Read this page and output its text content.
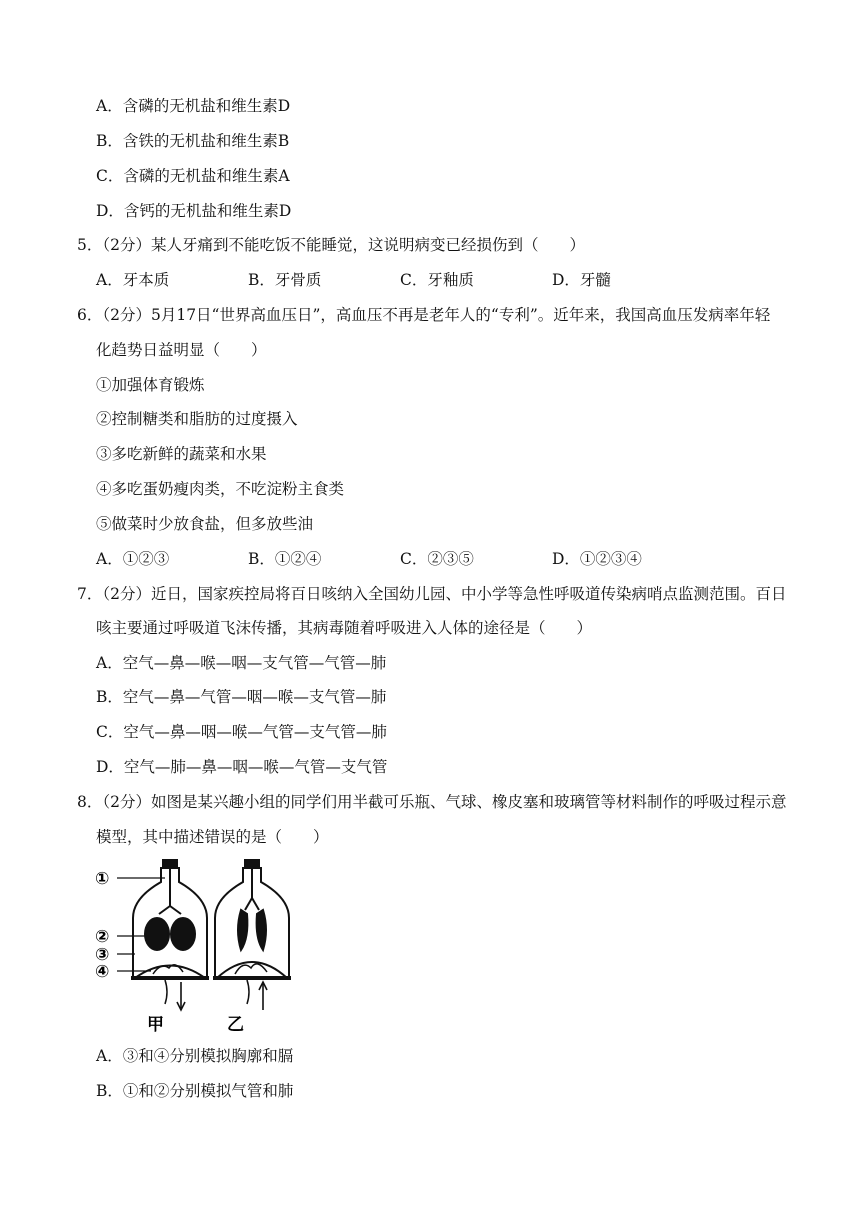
A．含磷的无机盐和维生素D
B．含铁的无机盐和维生素B
C．含磷的无机盐和维生素A
D．含钙的无机盐和维生素D
5．（2分）某人牙痛到不能吃饭不能睡觉，这说明病变已经损伤到（　　）
A．牙本质	B．牙骨质	C．牙釉质	D．牙髓
6．（2分）5月17日“世界高血压日”，高血压不再是老年人的“专利”。近年来，我国高血压发病率年轻
化趋势日益明显（　　）
①加强体育锻炼
②控制糖类和脂肪的过度摄入
③多吃新鲜的蔬菜和水果
④多吃蛋奶瘦肉类，不吃淀粉主食类
⑤做菜时少放食盐，但多放些油
A．①②③	B．①②④	C．②③⑤	D．①②③④
7．（2分）近日，国家疾控局将百日咳纳入全国幼儿园、中小学等急性呼吸道传染病哨点监测范围。百日
咳主要通过呼吸道飞沫传播，其病毒随着呼吸进入人体的途径是（　　）
A．空气—鼻—喉—咽—支气管—气管—肺
B．空气—鼻—气管—咽—喉—支气管—肺
C．空气—鼻—咽—喉—气管—支气管—肺
D．空气—肺—鼻—咽—喉—气管—支气管
8．（2分）如图是某兴趣小组的同学们用半截可乐瓶、气球、橡皮塞和玻璃管等材料制作的呼吸过程示意
模型，其中描述错误的是（　　）
①
②
③
④
甲	乙
A．③和④分别模拟胸廓和膈
B．①和②分别模拟气管和肺
